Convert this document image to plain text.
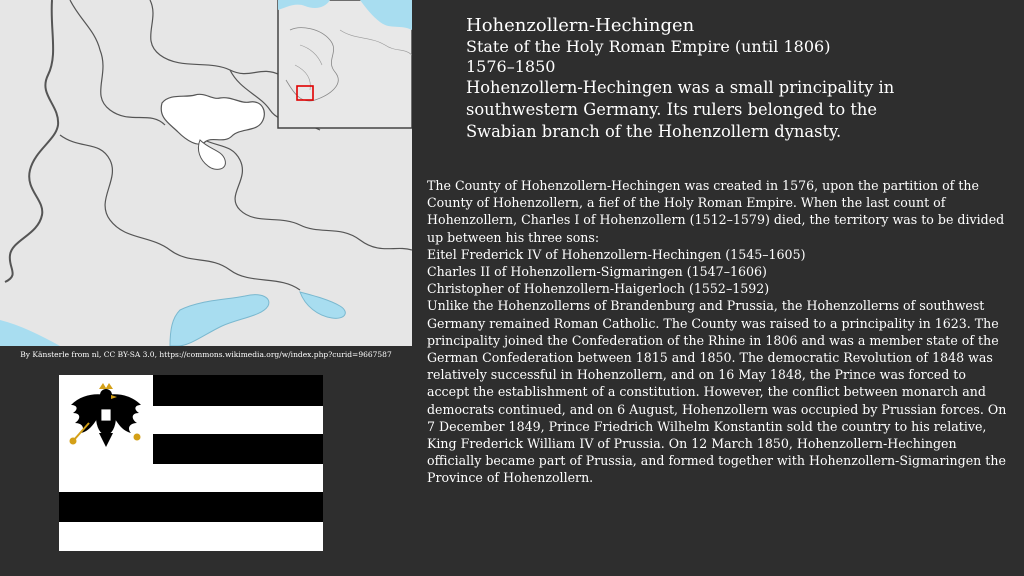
By Känsterle from nl, CC BY-SA 3.0, https://commons.wikimedia.org/w/index.php?curid=9667587

Hohenzollern-Hechingen

State of the Holy Roman Empire (until 1806)

1576–1850

Hohenzollern-Hechingen was a small principality in southwestern Germany. Its rulers belonged to the Swabian branch of the Hohenzollern dynasty.

The County of Hohenzollern-Hechingen was created in 1576, upon the partition of the County of Hohenzollern, a fief of the Holy Roman Empire. When the last count of Hohenzollern, Charles I of Hohenzollern (1512–1579) died, the territory was to be divided up between his three sons:

Eitel Frederick IV of Hohenzollern-Hechingen (1545–1605)

Charles II of Hohenzollern-Sigmaringen (1547–1606)

Christopher of Hohenzollern-Haigerloch (1552–1592)

Unlike the Hohenzollerns of Brandenburg and Prussia, the Hohenzollerns of southwest Germany remained Roman Catholic. The County was raised to a principality in 1623. The principality joined the Confederation of the Rhine in 1806 and was a member state of the German Confederation between 1815 and 1850. The democratic Revolution of 1848 was relatively successful in Hohenzollern, and on 16 May 1848, the Prince was forced to accept the establishment of a constitution. However, the conflict between monarch and democrats continued, and on 6 August, Hohenzollern was occupied by Prussian forces. On 7 December 1849, Prince Friedrich Wilhelm Konstantin sold the country to his relative, King Frederick William IV of Prussia. On 12 March 1850, Hohenzollern-Hechingen officially became part of Prussia, and formed together with Hohenzollern-Sigmaringen the Province of Hohenzollern.
